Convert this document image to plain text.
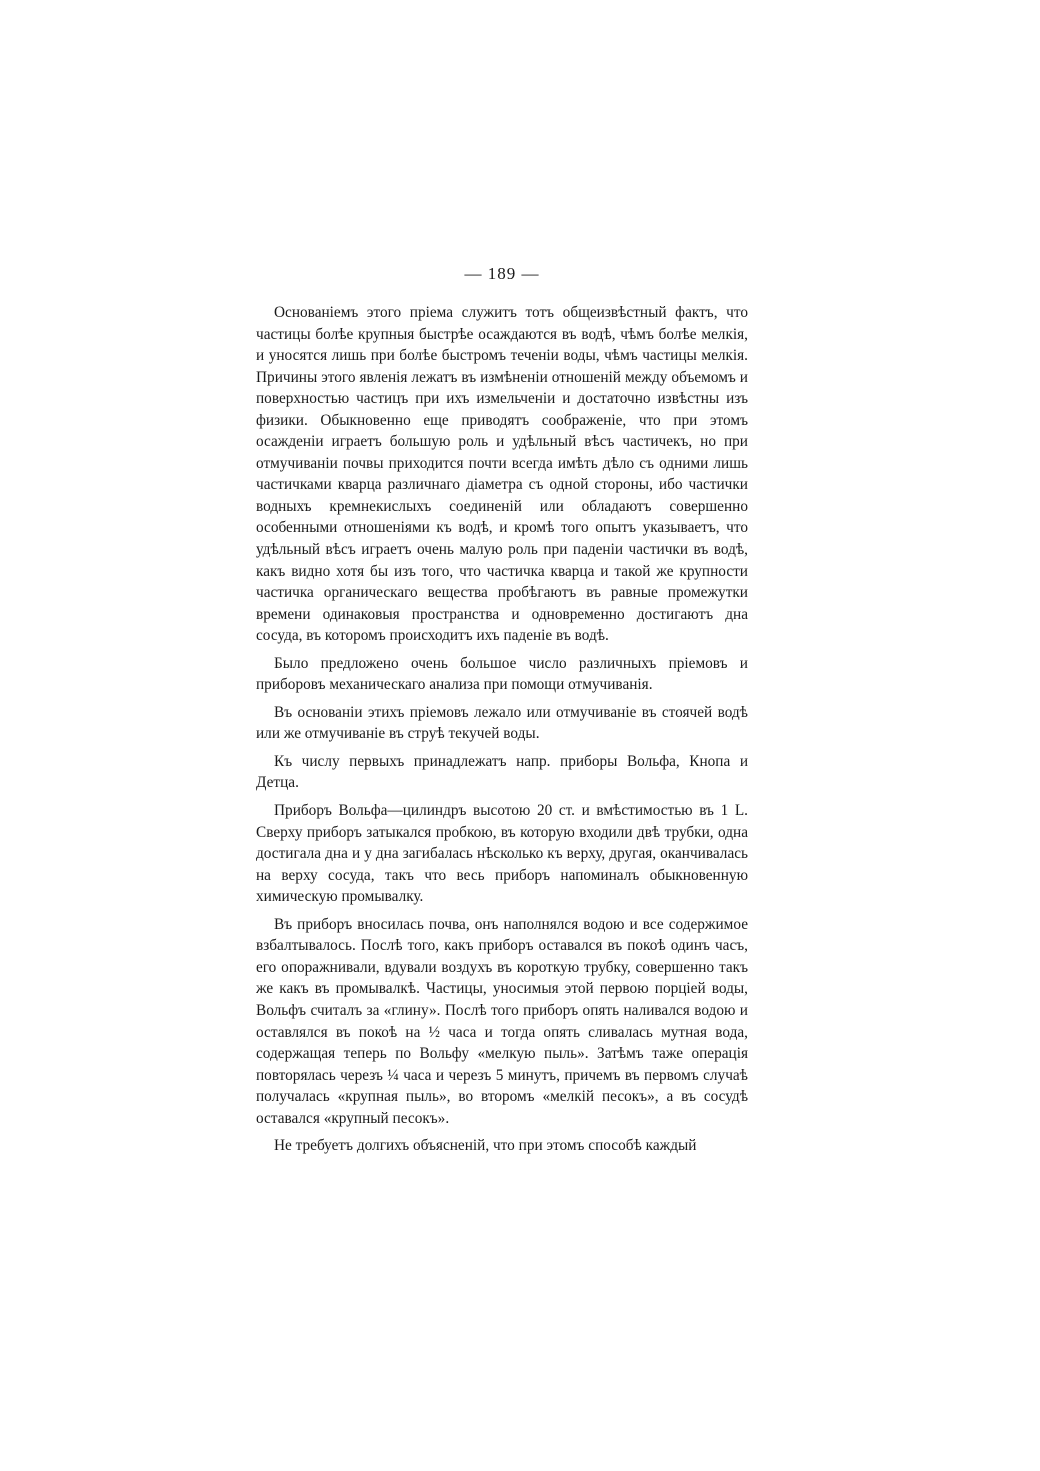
— 189 —

Основаніемъ этого пріема служитъ тотъ общеизвѣстный фактъ, что частицы болѣе крупныя быстрѣе осаждаются въ водѣ, чѣмъ болѣе мелкія, и уносятся лишь при болѣе быстромъ теченіи воды, чѣмъ частицы мелкія. Причины этого явленія лежатъ въ измѣненіи отношеній между объемомъ и поверхностью частицъ при ихъ измельченіи и достаточно извѣстны изъ физики. Обыкновенно еще приводятъ соображеніе, что при этомъ осажденіи играетъ большую роль и удѣльный вѣсъ частичекъ, но при отмучиваніи почвы приходится почти всегда имѣть дѣло съ одними лишь частичками кварца различнаго діаметра съ одной стороны, ибо частички водныхъ кремнекислыхъ соединеній или обладаютъ совершенно особенными отношеніями къ водѣ, и кромѣ того опытъ указываетъ, что удѣльный вѣсъ играетъ очень малую роль при паденіи частички въ водѣ, какъ видно хотя бы изъ того, что частичка кварца и такой же крупности частичка органическаго вещества пробѣгаютъ въ равные промежутки времени одинаковыя пространства и одновременно достигаютъ дна сосуда, въ которомъ происходитъ ихъ паденіе въ водѣ.

Было предложено очень большое число различныхъ пріемовъ и приборовъ механическаго анализа при помощи отмучиванія.

Въ основаніи этихъ пріемовъ лежало или отмучиваніе въ стоячей водѣ или же отмучиваніе въ струѣ текучей воды.

Къ числу первыхъ принадлежатъ напр. приборы Вольфа, Кнопа и Детца.

Приборъ Вольфа—цилиндръ высотою 20 ст. и вмѣстимостью въ 1 L. Сверху приборъ затыкался пробкою, въ которую входили двѣ трубки, одна достигала дна и у дна загибалась нѣсколько къ верху, другая, оканчивалась на верху сосуда, такъ что весь приборъ напоминалъ обыкновенную химическую промывалку.

Въ приборъ вносилась почва, онъ наполнялся водою и все содержимое взбалтывалось. Послѣ того, какъ приборъ оставался въ покоѣ одинъ часъ, его опоражнивали, вдували воздухъ въ короткую трубку, совершенно такъ же какъ въ промывалкѣ. Частицы, уносимыя этой первою порціей воды, Вольфъ считалъ за «глину». Послѣ того приборъ опять наливался водою и оставлялся въ покоѣ на ½ часа и тогда опять сливалась мутная вода, содержащая теперь по Вольфу «мелкую пыль». Затѣмъ таже операція повторялась черезъ ¼ часа и черезъ 5 минутъ, причемъ въ первомъ случаѣ получалась «крупная пыль», во второмъ «мелкій песокъ», а въ сосудѣ оставался «крупный песокъ».

Не требуетъ долгихъ объясненій, что при этомъ способѣ каждый
